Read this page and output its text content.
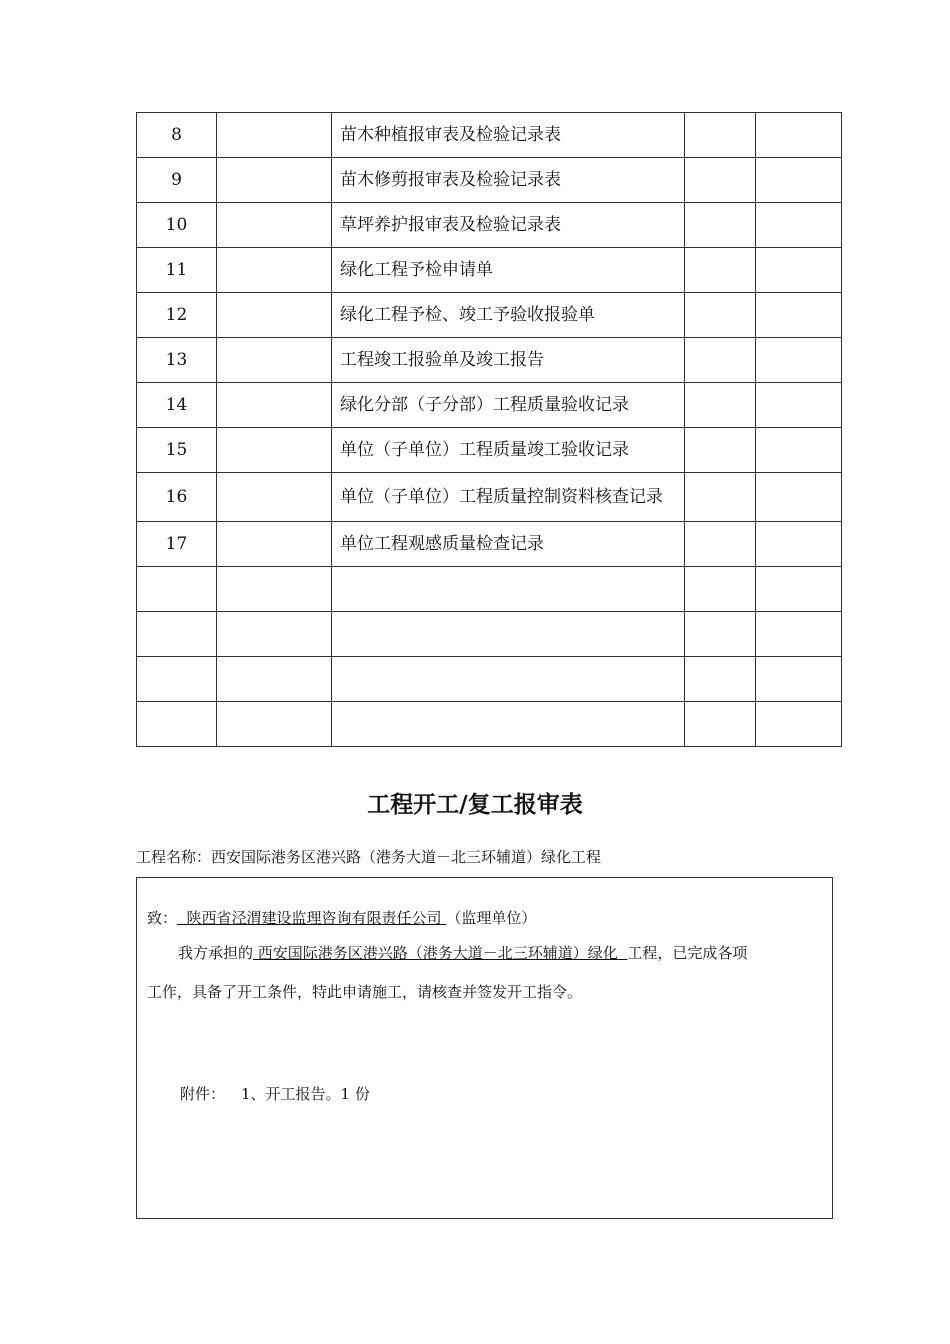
8		苗木种植报审表及检验记录表		
9		苗木修剪报审表及检验记录表		
10		草坪养护报审表及检验记录表		
11		绿化工程予检申请单		
12		绿化工程予检、竣工予验收报验单		
13		工程竣工报验单及竣工报告		
14		绿化分部（子分部）工程质量验收记录		
15		单位（子单位）工程质量竣工验收记录		
16		单位（子单位）工程质量控制资料核查记录		
17		单位工程观感质量检查记录		

工程开工/复工报审表
工程名称：西安国际港务区港兴路（港务大道－北三环辅道）绿化工程
致：  陕西省泾渭建设监理咨询有限责任公司 （监理单位）
我方承担的 西安国际港务区港兴路（港务大道－北三环辅道）绿化  工程，已完成各项
工作，具备了开工条件，特此申请施工，请核查并签发开工指令。
附件： 1、开工报告。1 份
